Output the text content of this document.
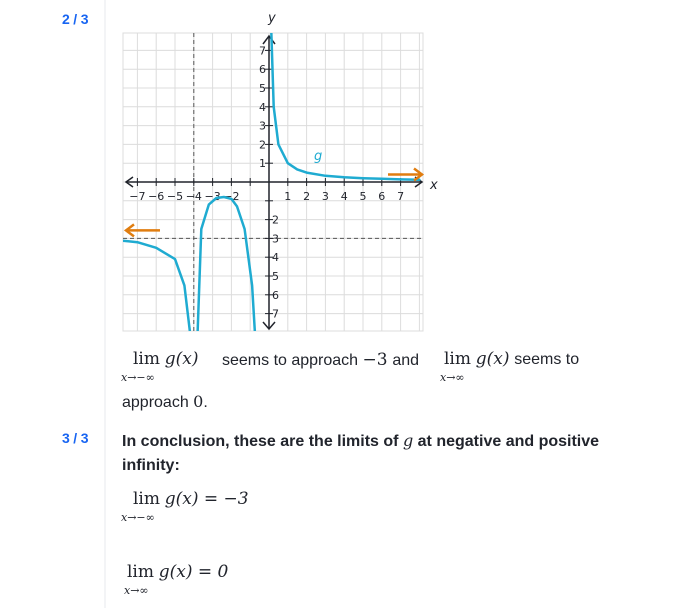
2 / 3
3 / 3
−7 −6 −5 −4 −3 −2	1 2 3 4 5 6 7
1
2
3
4
5
6
7
2
3
4
5
6
7
x
y
g
lim
x→−∞
g(x) seems to approach −3 and lim
x→∞
g(x) seems to
approach 0.
In conclusion, these are the limits of g at negative and positive
infinity:
lim
x→−∞
g(x) = −3
lim
x→∞
g(x) = 0
